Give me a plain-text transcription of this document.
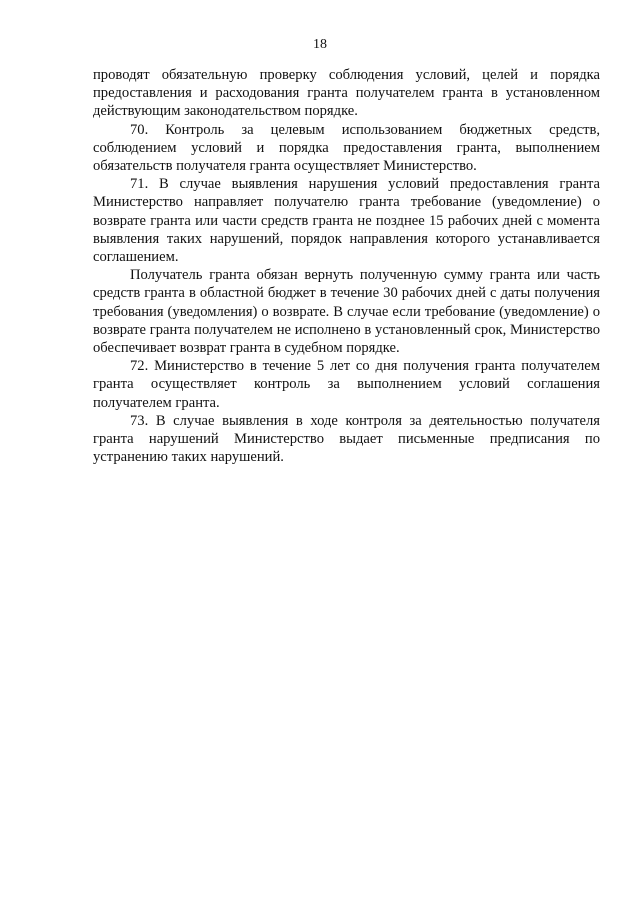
18

проводят обязательную проверку соблюдения условий, целей и порядка предоставления и расходования гранта получателем гранта в установленном действующим законодательством порядке.

70. Контроль за целевым использованием бюджетных средств, соблюдением условий и порядка предоставления гранта, выполнением обязательств получателя гранта осуществляет Министерство.

71. В случае выявления нарушения условий предоставления гранта Министерство направляет получателю гранта требование (уведомление) о возврате гранта или части средств гранта не позднее 15 рабочих дней с момента выявления таких нарушений, порядок направления которого устанавливается соглашением.

Получатель гранта обязан вернуть полученную сумму гранта или часть средств гранта в областной бюджет в течение 30 рабочих дней с даты получения требования (уведомления) о возврате. В случае если требование (уведомление) о возврате гранта получателем не исполнено в установленный срок, Министерство обеспечивает возврат гранта в судебном порядке.

72. Министерство в течение 5 лет со дня получения гранта получателем гранта осуществляет контроль за выполнением условий соглашения получателем гранта.

73. В случае выявления в ходе контроля за деятельностью получателя гранта нарушений Министерство выдает письменные предписания по устранению таких нарушений.
